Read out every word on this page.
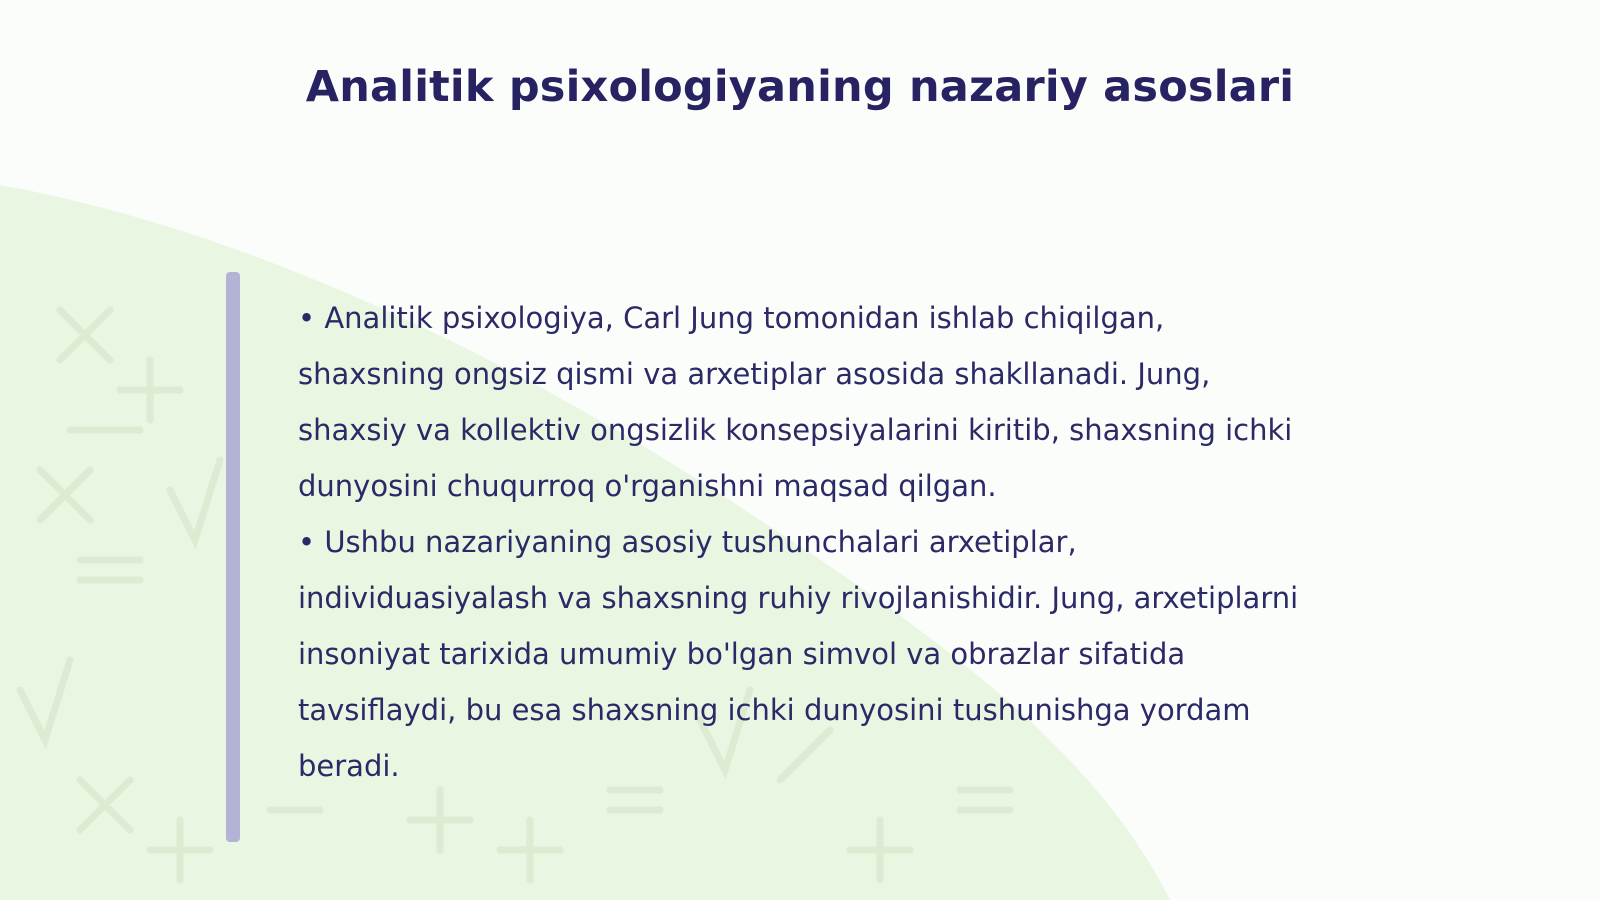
Analitik psixologiyaning nazariy asoslari

• Analitik psixologiya, Carl Jung tomonidan ishlab chiqilgan, shaxsning ongsiz qismi va arxetiplar asosida shakllanadi. Jung, shaxsiy va kollektiv ongsizlik konsepsiyalarini kiritib, shaxsning ichki dunyosini chuqurroq o'rganishni maqsad qilgan.

• Ushbu nazariyaning asosiy tushunchalari arxetiplar, individuasiyalash va shaxsning ruhiy rivojlanishidir. Jung, arxetiplarni insoniyat tarixida umumiy bo'lgan simvol va obrazlar sifatida tavsiflaydi, bu esa shaxsning ichki dunyosini tushunishga yordam beradi.
